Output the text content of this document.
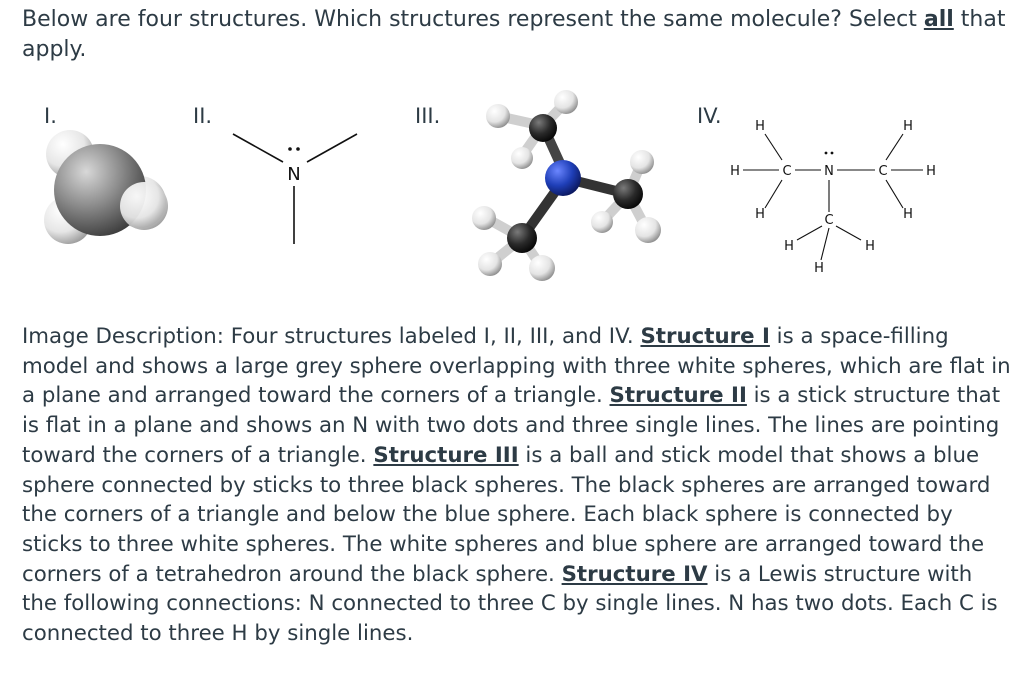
Below are four structures. Which structures represent the same molecule? Select all that apply.

I.	II.	III.	IV.
N
H
H	C
H
N	C
H
H
H
C
H	H
H

Image Description: Four structures labeled I, II, III, and IV. Structure I is a space-filling model and shows a large grey sphere overlapping with three white spheres, which are flat in a plane and arranged toward the corners of a triangle. Structure II is a stick structure that is flat in a plane and shows an N with two dots and three single lines. The lines are pointing toward the corners of a triangle. Structure III is a ball and stick model that shows a blue sphere connected by sticks to three black spheres. The black spheres are arranged toward the corners of a triangle and below the blue sphere. Each black sphere is connected by sticks to three white spheres. The white spheres and blue sphere are arranged toward the corners of a tetrahedron around the black sphere. Structure IV is a Lewis structure with the following connections: N connected to three C by single lines. N has two dots. Each C is connected to three H by single lines.
